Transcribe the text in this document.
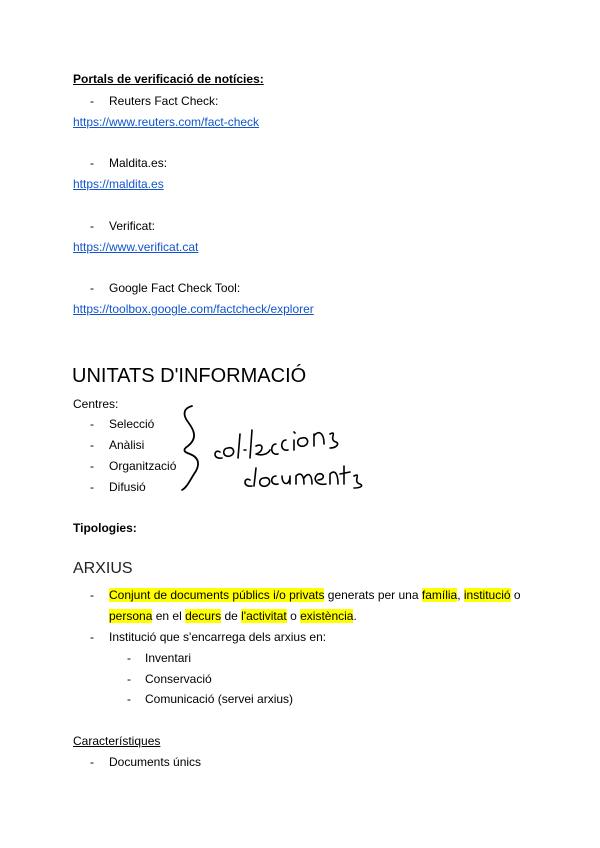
Portals de verificació de notícies:
- Reuters Fact Check:
https://www.reuters.com/fact-check
- Maldita.es:
https://maldita.es
- Verificat:
https://www.verificat.cat
- Google Fact Check Tool:
https://toolbox.google.com/factcheck/explorer
UNITATS D'INFORMACIÓ
Centres:
- Selecció
- Anàlisi
- Organització
- Difusió
Tipologies:
ARXIUS
- Conjunt de documents públics i/o privats generats per una família, institució o
persona en el decurs de l'activitat o existència.
- Institució que s'encarrega dels arxius en:
- Inventari
- Conservació
- Comunicació (servei arxius)
Característiques
- Documents únics
